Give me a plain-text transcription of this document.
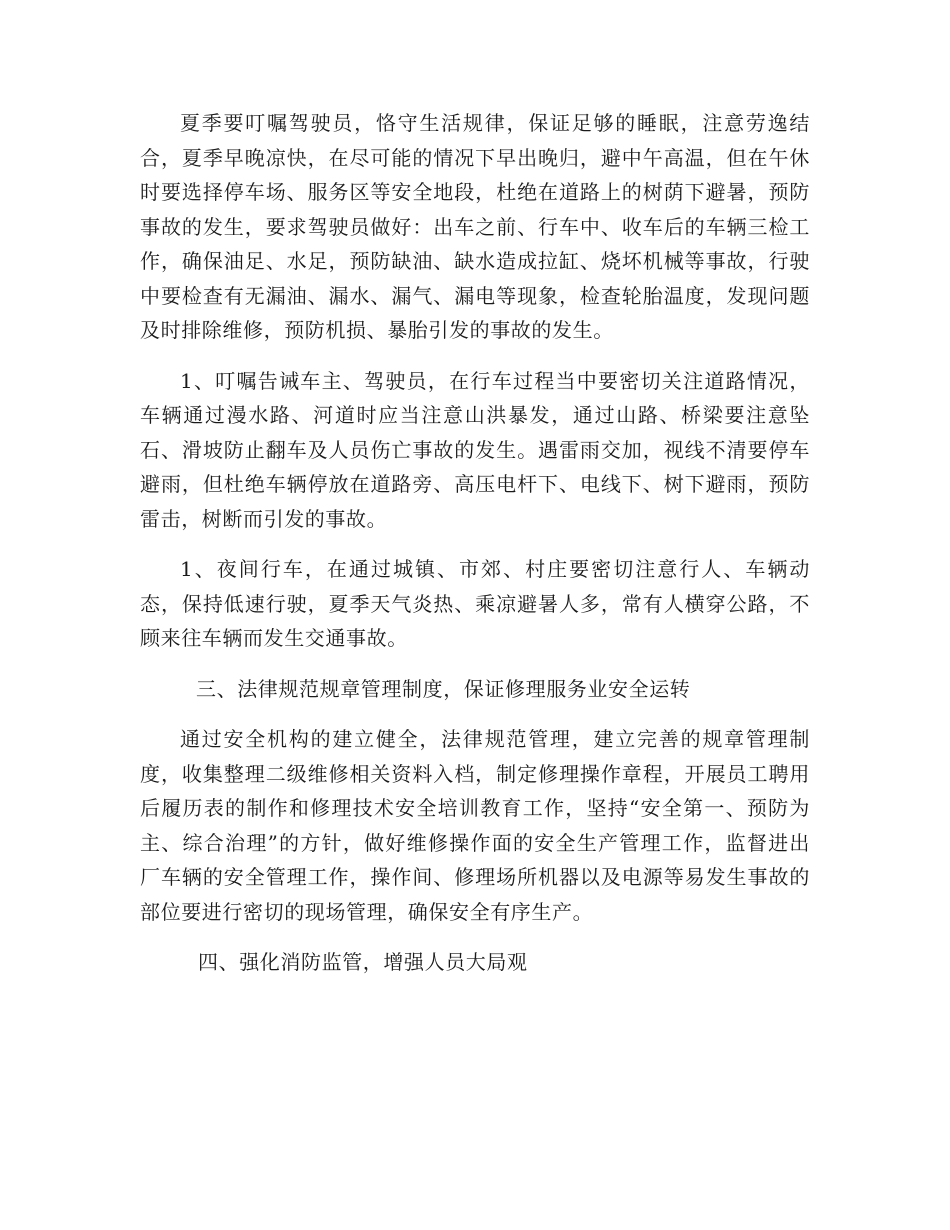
夏季要叮嘱驾驶员，恪守生活规律，保证足够的睡眠，注意劳逸结合，夏季早晚凉快，在尽可能的情况下早出晚归，避中午高温，但在午休时要选择停车场、服务区等安全地段，杜绝在道路上的树荫下避暑，预防事故的发生，要求驾驶员做好：出车之前、行车中、收车后的车辆三检工作，确保油足、水足，预防缺油、缺水造成拉缸、烧坏机械等事故，行驶中要检查有无漏油、漏水、漏气、漏电等现象，检查轮胎温度，发现问题及时排除维修，预防机损、暴胎引发的事故的发生。

1、叮嘱告诫车主、驾驶员，在行车过程当中要密切关注道路情况，车辆通过漫水路、河道时应当注意山洪暴发，通过山路、桥梁要注意坠石、滑坡防止翻车及人员伤亡事故的发生。遇雷雨交加，视线不清要停车避雨，但杜绝车辆停放在道路旁、高压电杆下、电线下、树下避雨，预防雷击，树断而引发的事故。

1、夜间行车，在通过城镇、市郊、村庄要密切注意行人、车辆动态，保持低速行驶，夏季天气炎热、乘凉避暑人多，常有人横穿公路，不顾来往车辆而发生交通事故。

三、法律规范规章管理制度，保证修理服务业安全运转

通过安全机构的建立健全，法律规范管理，建立完善的规章管理制度，收集整理二级维修相关资料入档，制定修理操作章程，开展员工聘用后履历表的制作和修理技术安全培训教育工作，坚持“安全第一、预防为主、综合治理”的方针，做好维修操作面的安全生产管理工作，监督进出厂车辆的安全管理工作，操作间、修理场所机器以及电源等易发生事故的部位要进行密切的现场管理，确保安全有序生产。

四、强化消防监管，增强人员大局观
